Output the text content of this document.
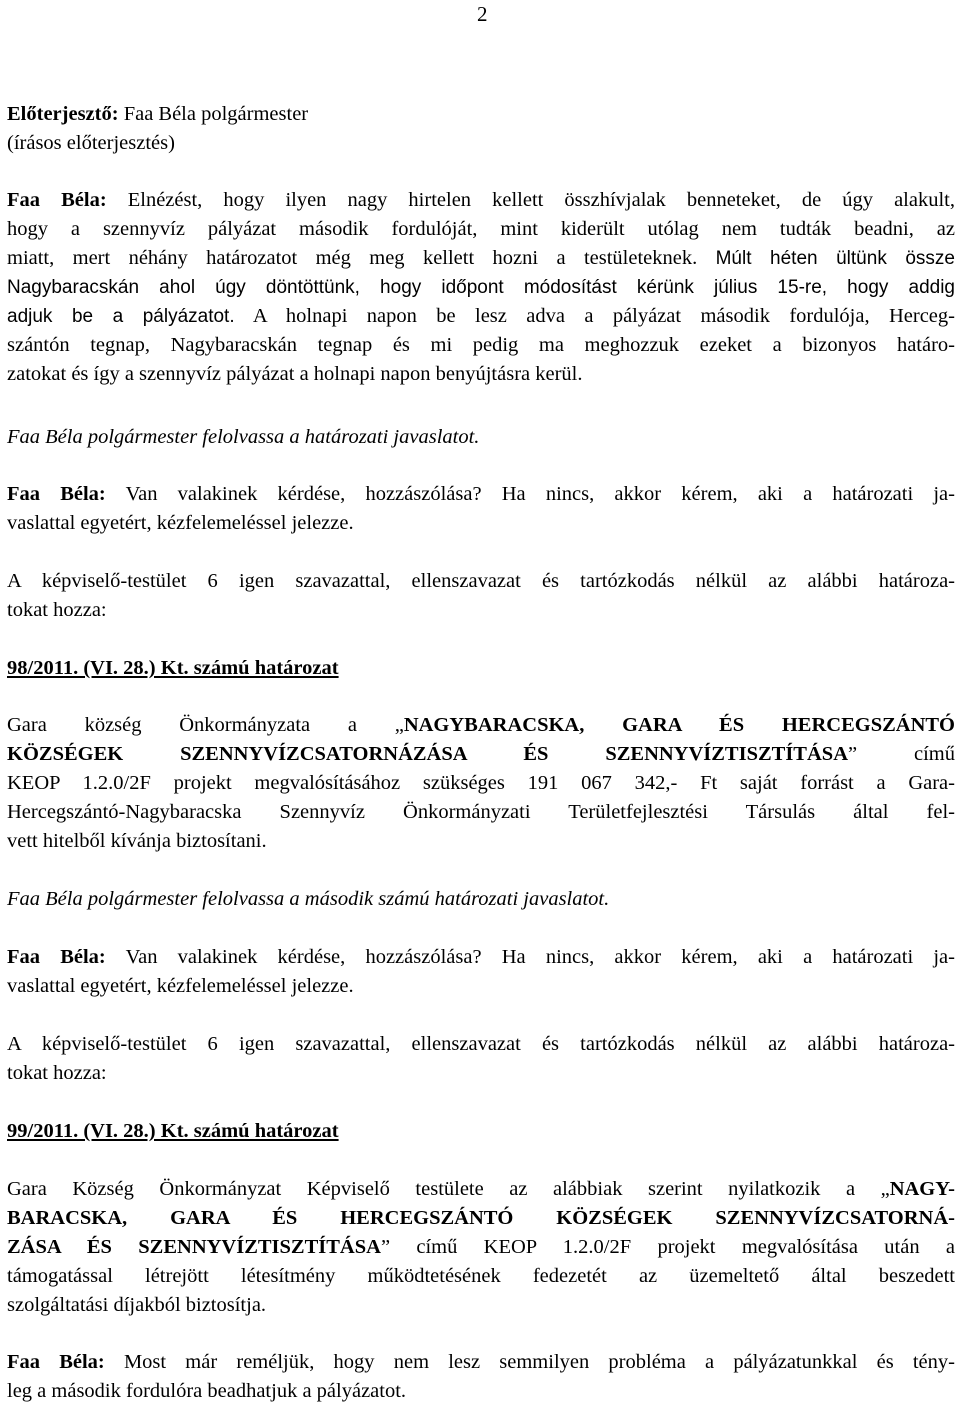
2
Előterjesztő: Faa Béla polgármester
(írásos előterjesztés)
Faa Béla: Elnézést, hogy ilyen nagy hirtelen kellett összhívjalak benneteket, de úgy alakult,
hogy a szennyvíz pályázat második fordulóját, mint kiderült utólag nem tudták beadni, az
miatt, mert néhány határozatot még meg kellett hozni a testületeknek. Múlt héten ültünk össze
Nagybaracskán ahol úgy döntöttünk, hogy időpont módosítást kérünk július 15-re, hogy addig
adjuk be a pályázatot. A holnapi napon be lesz adva a pályázat második fordulója, Herceg-
szántón tegnap, Nagybaracskán tegnap és mi pedig ma meghozzuk ezeket a bizonyos határo-
zatokat és így a szennyvíz pályázat a holnapi napon benyújtásra kerül.
Faa Béla polgármester felolvassa a határozati javaslatot.
Faa Béla: Van valakinek kérdése, hozzászólása? Ha nincs, akkor kérem, aki a határozati ja-
vaslattal egyetért, kézfelemeléssel jelezze.
A képviselő-testület 6 igen szavazattal, ellenszavazat és tartózkodás nélkül az alábbi határoza-
tokat hozza:
98/2011. (VI. 28.) Kt. számú határozat
Gara község Önkormányzata a „NAGYBARACSKA, GARA ÉS HERCEGSZÁNTÓ
KÖZSÉGEK SZENNYVÍZCSATORNÁZÁSA ÉS SZENNYVÍZTISZTÍTÁSA” című
KEOP 1.2.0/2F projekt megvalósításához szükséges 191 067 342,- Ft saját forrást a Gara-
Hercegszántó-Nagybaracska Szennyvíz Önkormányzati Területfejlesztési Társulás által fel-
vett hitelből kívánja biztosítani.
Faa Béla polgármester felolvassa a második számú határozati javaslatot.
Faa Béla: Van valakinek kérdése, hozzászólása? Ha nincs, akkor kérem, aki a határozati ja-
vaslattal egyetért, kézfelemeléssel jelezze.
A képviselő-testület 6 igen szavazattal, ellenszavazat és tartózkodás nélkül az alábbi határoza-
tokat hozza:
99/2011. (VI. 28.) Kt. számú határozat
Gara Község Önkormányzat Képviselő testülete az alábbiak szerint nyilatkozik a „NAGY-
BARACSKA, GARA ÉS HERCEGSZÁNTÓ KÖZSÉGEK SZENNYVÍZCSATORNÁ-
ZÁSA ÉS SZENNYVÍZTISZTÍTÁSA” című KEOP 1.2.0/2F projekt megvalósítása után a
támogatással létrejött létesítmény működtetésének fedezetét az üzemeltető által beszedett
szolgáltatási díjakból biztosítja.
Faa Béla: Most már reméljük, hogy nem lesz semmilyen probléma a pályázatunkkal és tény-
leg a második fordulóra beadhatjuk a pályázatot.
